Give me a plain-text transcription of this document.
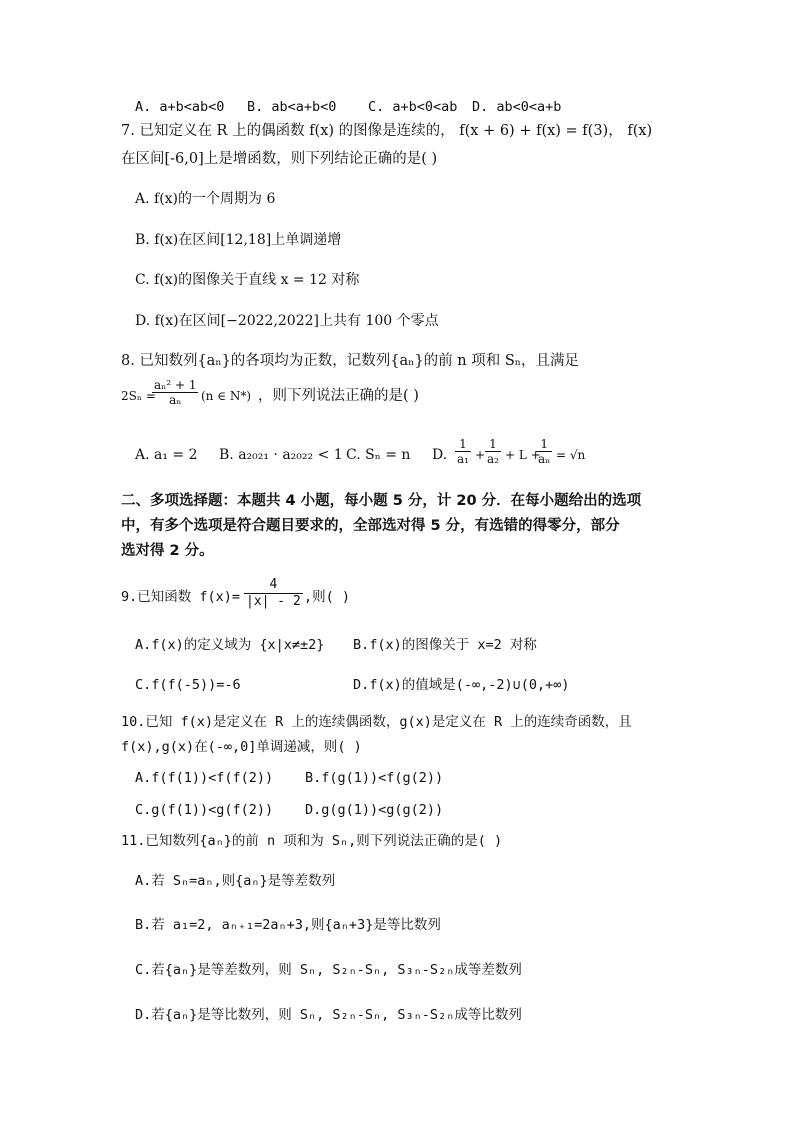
A. a+b<ab<0 B. ab<a+b<0 C. a+b<0<ab D. ab<0<a+b
7. 已知定义在 R 上的偶函数 f(x) 的图像是连续的， f(x + 6) + f(x) = f(3)， f(x)
在区间[-6,0]上是增函数，则下列结论正确的是( )
A. f(x)的一个周期为 6
B. f(x)在区间[12,18]上单调递增
C. f(x)的图像关于直线 x = 12 对称
D. f(x)在区间[−2022,2022]上共有 100 个零点
8. 已知数列{aₙ}的各项均为正数，记数列{aₙ}的前 n 项和 Sₙ，且满足
2Sₙ =
$\frac{\text{aₙ² + 1}}{\text{aₙ}} (n$ ∈ N*) ，则下列说法正确的是( )
A. a₁ = 2 B. a₂₀₂₁ · a₂₀₂₂ < 1 C. Sₙ = n D. $\frac{1}{\text{a₁}} + \frac{1}{\text{a₂}} + L$ +
$\frac{1}{\text{aₙ}} = √n$
二、多项选择题：本题共 4 小题，每小题 5 分，计 20 分．在每小题给出的选项
中，有多个选项是符合题目要求的，全部选对得 5 分，有选错的得零分，部分
选对得 2 分。
9.已知函数 $f(x)= \frac{4}{|x| - 2}$ ,则( )
A.f(x)的定义域为 {x|x≠±2} B.f(x)的图像关于 x=2 对称
C.f(f(-5))=-6	D.f(x)的值域是(-∞,-2)∪(0,+∞)
10.已知 f(x)是定义在 R 上的连续偶函数，g(x)是定义在 R 上的连续奇函数，且
f(x),g(x)在(-∞,0]单调递减，则( )
A.f(f(1))<f(f(2)) B.f(g(1))<f(g(2))
C.g(f(1))<g(f(2)) D.g(g(1))<g(g(2))
11.已知数列{aₙ}的前 n 项和为 Sₙ,则下列说法正确的是( )
A.若 Sₙ=aₙ,则{aₙ}是等差数列
B.若 a₁=2, aₙ₊₁=2aₙ+3,则{aₙ+3}是等比数列
C.若{aₙ}是等差数列，则 Sₙ, S₂ₙ-Sₙ, S₃ₙ-S₂ₙ成等差数列
D.若{aₙ}是等比数列，则 Sₙ, S₂ₙ-Sₙ, S₃ₙ-S₂ₙ成等比数列
